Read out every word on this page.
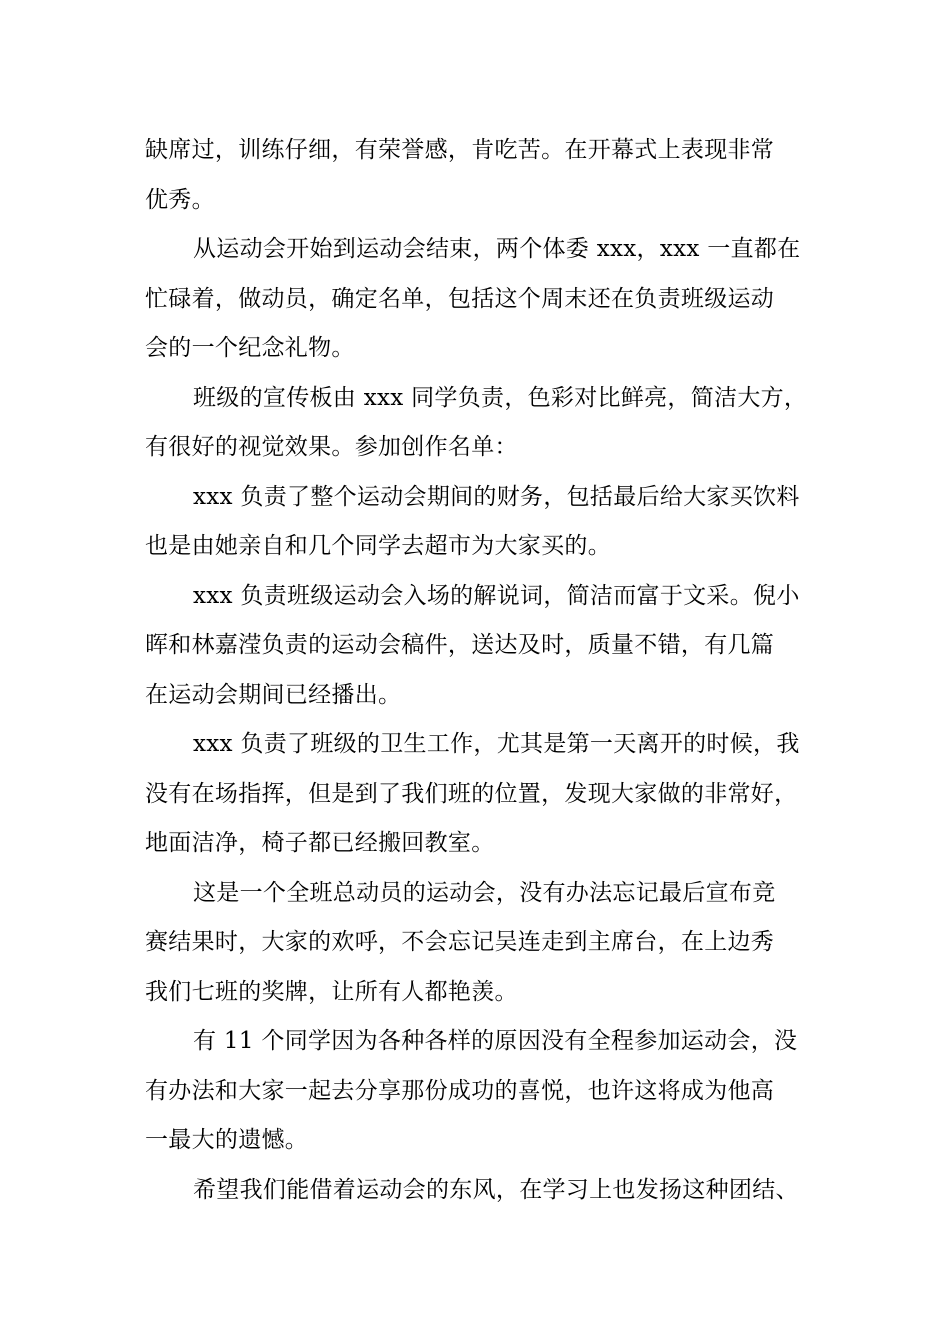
缺席过，训练仔细，有荣誉感，肯吃苦。在开幕式上表现非常
优秀。
从运动会开始到运动会结束，两个体委 xxx，xxx 一直都在
忙碌着，做动员，确定名单，包括这个周末还在负责班级运动
会的一个纪念礼物。
班级的宣传板由 xxx 同学负责，色彩对比鲜亮，简洁大方，
有很好的视觉效果。参加创作名单：
xxx 负责了整个运动会期间的财务，包括最后给大家买饮料
也是由她亲自和几个同学去超市为大家买的。
xxx 负责班级运动会入场的解说词，简洁而富于文采。倪小
晖和林嘉滢负责的运动会稿件，送达及时，质量不错，有几篇
在运动会期间已经播出。
xxx 负责了班级的卫生工作，尤其是第一天离开的时候，我
没有在场指挥，但是到了我们班的位置，发现大家做的非常好，
地面洁净，椅子都已经搬回教室。
这是一个全班总动员的运动会，没有办法忘记最后宣布竞
赛结果时，大家的欢呼，不会忘记吴连走到主席台，在上边秀
我们七班的奖牌，让所有人都艳羡。
有 11 个同学因为各种各样的原因没有全程参加运动会，没
有办法和大家一起去分享那份成功的喜悦，也许这将成为他高
一最大的遗憾。
希望我们能借着运动会的东风，在学习上也发扬这种团结、
